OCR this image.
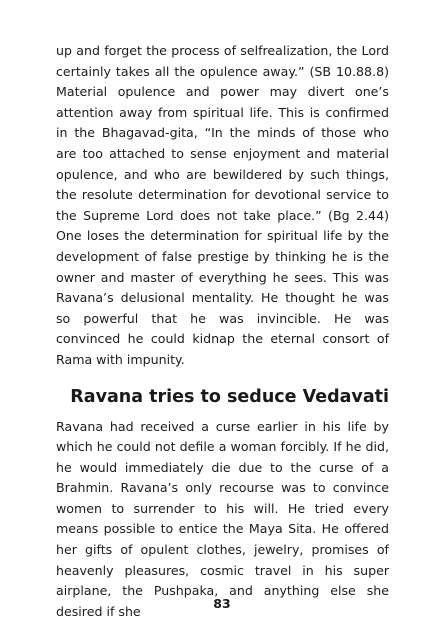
up and forget the process of selfrealization, the Lord certainly takes all the opulence away.” (SB 10.88.8) Material opulence and power may divert one’s attention away from spiritual life. This is confirmed in the Bhagavad-gita, “In the minds of those who are too attached to sense enjoyment and material opulence, and who are bewildered by such things, the resolute determination for devotional service to the Supreme Lord does not take place.” (Bg 2.44) One loses the determination for spiritual life by the development of false prestige by thinking he is the owner and master of everything he sees. This was Ravana’s delusional mentality. He thought he was so powerful that he was invincible. He was convinced he could kidnap the eternal consort of Rama with impunity.

Ravana tries to seduce Vedavati

Ravana had received a curse earlier in his life by which he could not defile a woman forcibly. If he did, he would immediately die due to the curse of a Brahmin. Ravana’s only recourse was to convince women to surrender to his will. He tried every means possible to entice the Maya Sita. He offered her gifts of opulent clothes, jewelry, promises of heavenly pleasures, cosmic travel in his super airplane, the Pushpaka, and anything else she desired if she

83
